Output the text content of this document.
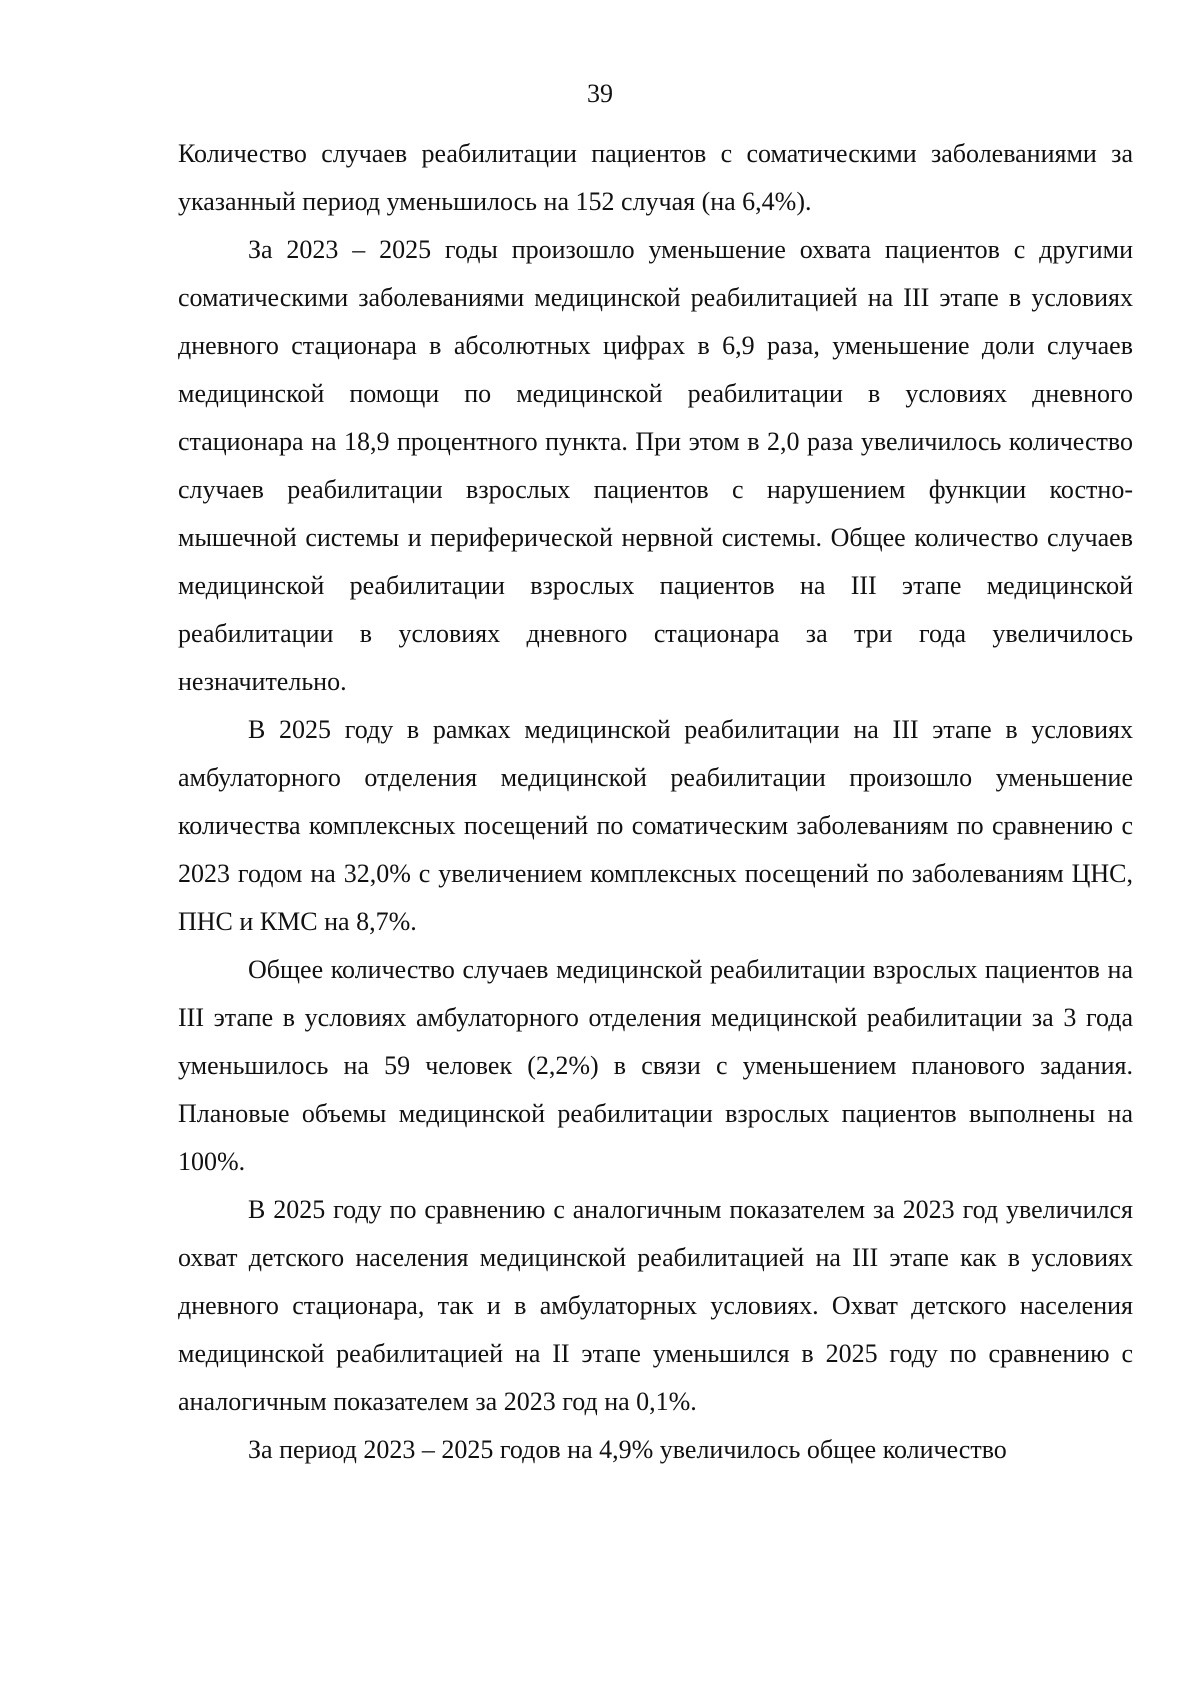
39

Количество случаев реабилитации пациентов с соматическими заболеваниями за указанный период уменьшилось на 152 случая (на 6,4%).

За 2023 – 2025 годы произошло уменьшение охвата пациентов с другими соматическими заболеваниями медицинской реабилитацией на III этапе в условиях дневного стационара в абсолютных цифрах в 6,9 раза, уменьшение доли случаев медицинской помощи по медицинской реабилитации в условиях дневного стационара на 18,9 процентного пункта. При этом в 2,0 раза увеличилось количество случаев реабилитации взрослых пациентов с нарушением функции костно-мышечной системы и периферической нервной системы. Общее количество случаев медицинской реабилитации взрослых пациентов на III этапе медицинской реабилитации в условиях дневного стационара за три года увеличилось незначительно.

В 2025 году в рамках медицинской реабилитации на III этапе в условиях амбулаторного отделения медицинской реабилитации произошло уменьшение количества комплексных посещений по соматическим заболеваниям по сравнению с 2023 годом на 32,0% с увеличением комплексных посещений по заболеваниям ЦНС, ПНС и КМС на 8,7%.

Общее количество случаев медицинской реабилитации взрослых пациентов на III этапе в условиях амбулаторного отделения медицинской реабилитации за 3 года уменьшилось на 59 человек (2,2%) в связи с уменьшением планового задания. Плановые объемы медицинской реабилитации взрослых пациентов выполнены на 100%.

В 2025 году по сравнению с аналогичным показателем за 2023 год увеличился охват детского населения медицинской реабилитацией на III этапе как в условиях дневного стационара, так и в амбулаторных условиях. Охват детского населения медицинской реабилитацией на II этапе уменьшился в 2025 году по сравнению с аналогичным показателем за 2023 год на 0,1%.

За период 2023 – 2025 годов на 4,9% увеличилось общее количество
